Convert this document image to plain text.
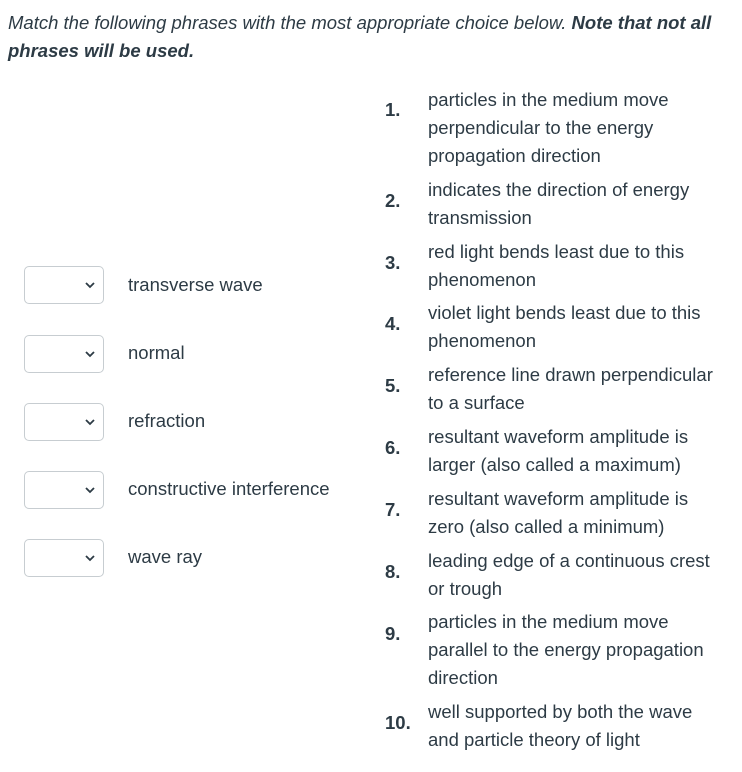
Match the following phrases with the most appropriate choice below. Note that not all phrases will be used.
transverse wave
normal
refraction
constructive interference
wave ray
1. particles in the medium move perpendicular to the energy propagation direction
2.
indicates the direction of energy transmission
3.
red light bends least due to this phenomenon
4.
violet light bends least due to this phenomenon
5.
reference line drawn perpendicular to a surface
6.
resultant waveform amplitude is larger (also called a maximum)
7.
resultant waveform amplitude is zero (also called a minimum)
8.
leading edge of a continuous crest or trough
9.
particles in the medium move parallel to the energy propagation direction
10.
well supported by both the wave and particle theory of light
